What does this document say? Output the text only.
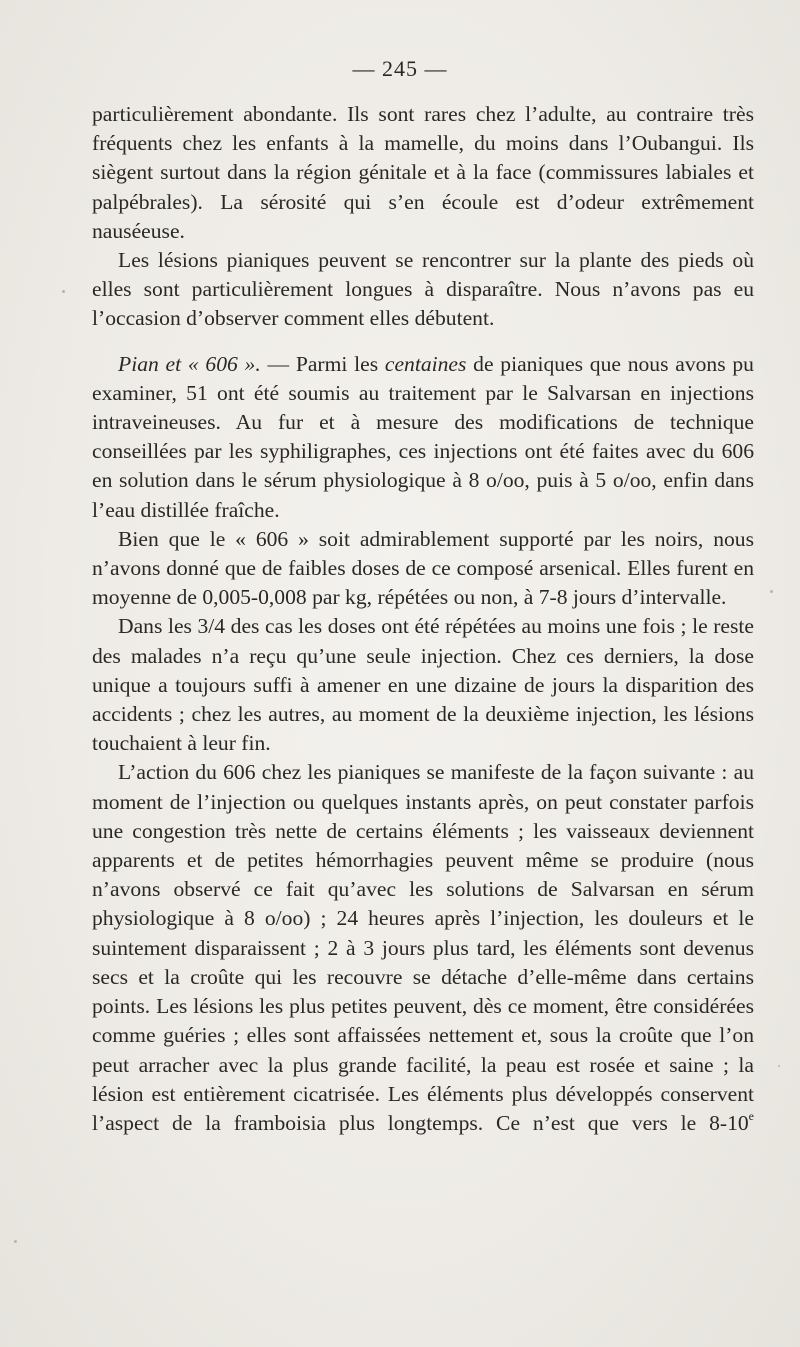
— 245 —

particulièrement abondante. Ils sont rares chez l’adulte, au contraire très fréquents chez les enfants à la mamelle, du moins dans l’Oubangui. Ils siègent surtout dans la région génitale et à la face (commissures labiales et palpébrales). La sérosité qui s’en écoule est d’odeur extrêmement nauséeuse.

Les lésions pianiques peuvent se rencontrer sur la plante des pieds où elles sont particulièrement longues à disparaître. Nous n’avons pas eu l’occasion d’observer comment elles débutent.

Pian et « 606 ». — Parmi les centaines de pianiques que nous avons pu examiner, 51 ont été soumis au traitement par le Salvarsan en injections intraveineuses. Au fur et à mesure des modifications de technique conseillées par les syphiligraphes, ces injections ont été faites avec du 606 en solution dans le sérum physiologique à 8 o/oo, puis à 5 o/oo, enfin dans l’eau distillée fraîche.

Bien que le « 606 » soit admirablement supporté par les noirs, nous n’avons donné que de faibles doses de ce composé arsenical. Elles furent en moyenne de 0,005-0,008 par kg, répétées ou non, à 7-8 jours d’intervalle.

Dans les 3/4 des cas les doses ont été répétées au moins une fois ; le reste des malades n’a reçu qu’une seule injection. Chez ces derniers, la dose unique a toujours suffi à amener en une dizaine de jours la disparition des accidents ; chez les autres, au moment de la deuxième injection, les lésions touchaient à leur fin.

L’action du 606 chez les pianiques se manifeste de la façon suivante : au moment de l’injection ou quelques instants après, on peut constater parfois une congestion très nette de certains éléments ; les vaisseaux deviennent apparents et de petites hémorrhagies peuvent même se produire (nous n’avons observé ce fait qu’avec les solutions de Salvarsan en sérum physiologique à 8 o/oo) ; 24 heures après l’injection, les douleurs et le suintement disparaissent ; 2 à 3 jours plus tard, les éléments sont devenus secs et la croûte qui les recouvre se détache d’elle-même dans certains points. Les lésions les plus petites peuvent, dès ce moment, être considérées comme guéries ; elles sont affaissées nettement et, sous la croûte que l’on peut arracher avec la plus grande facilité, la peau est rosée et saine ; la lésion est entièrement cicatrisée. Les éléments plus développés conservent l’aspect de la framboisia plus longtemps. Ce n’est que vers le 8-10e
